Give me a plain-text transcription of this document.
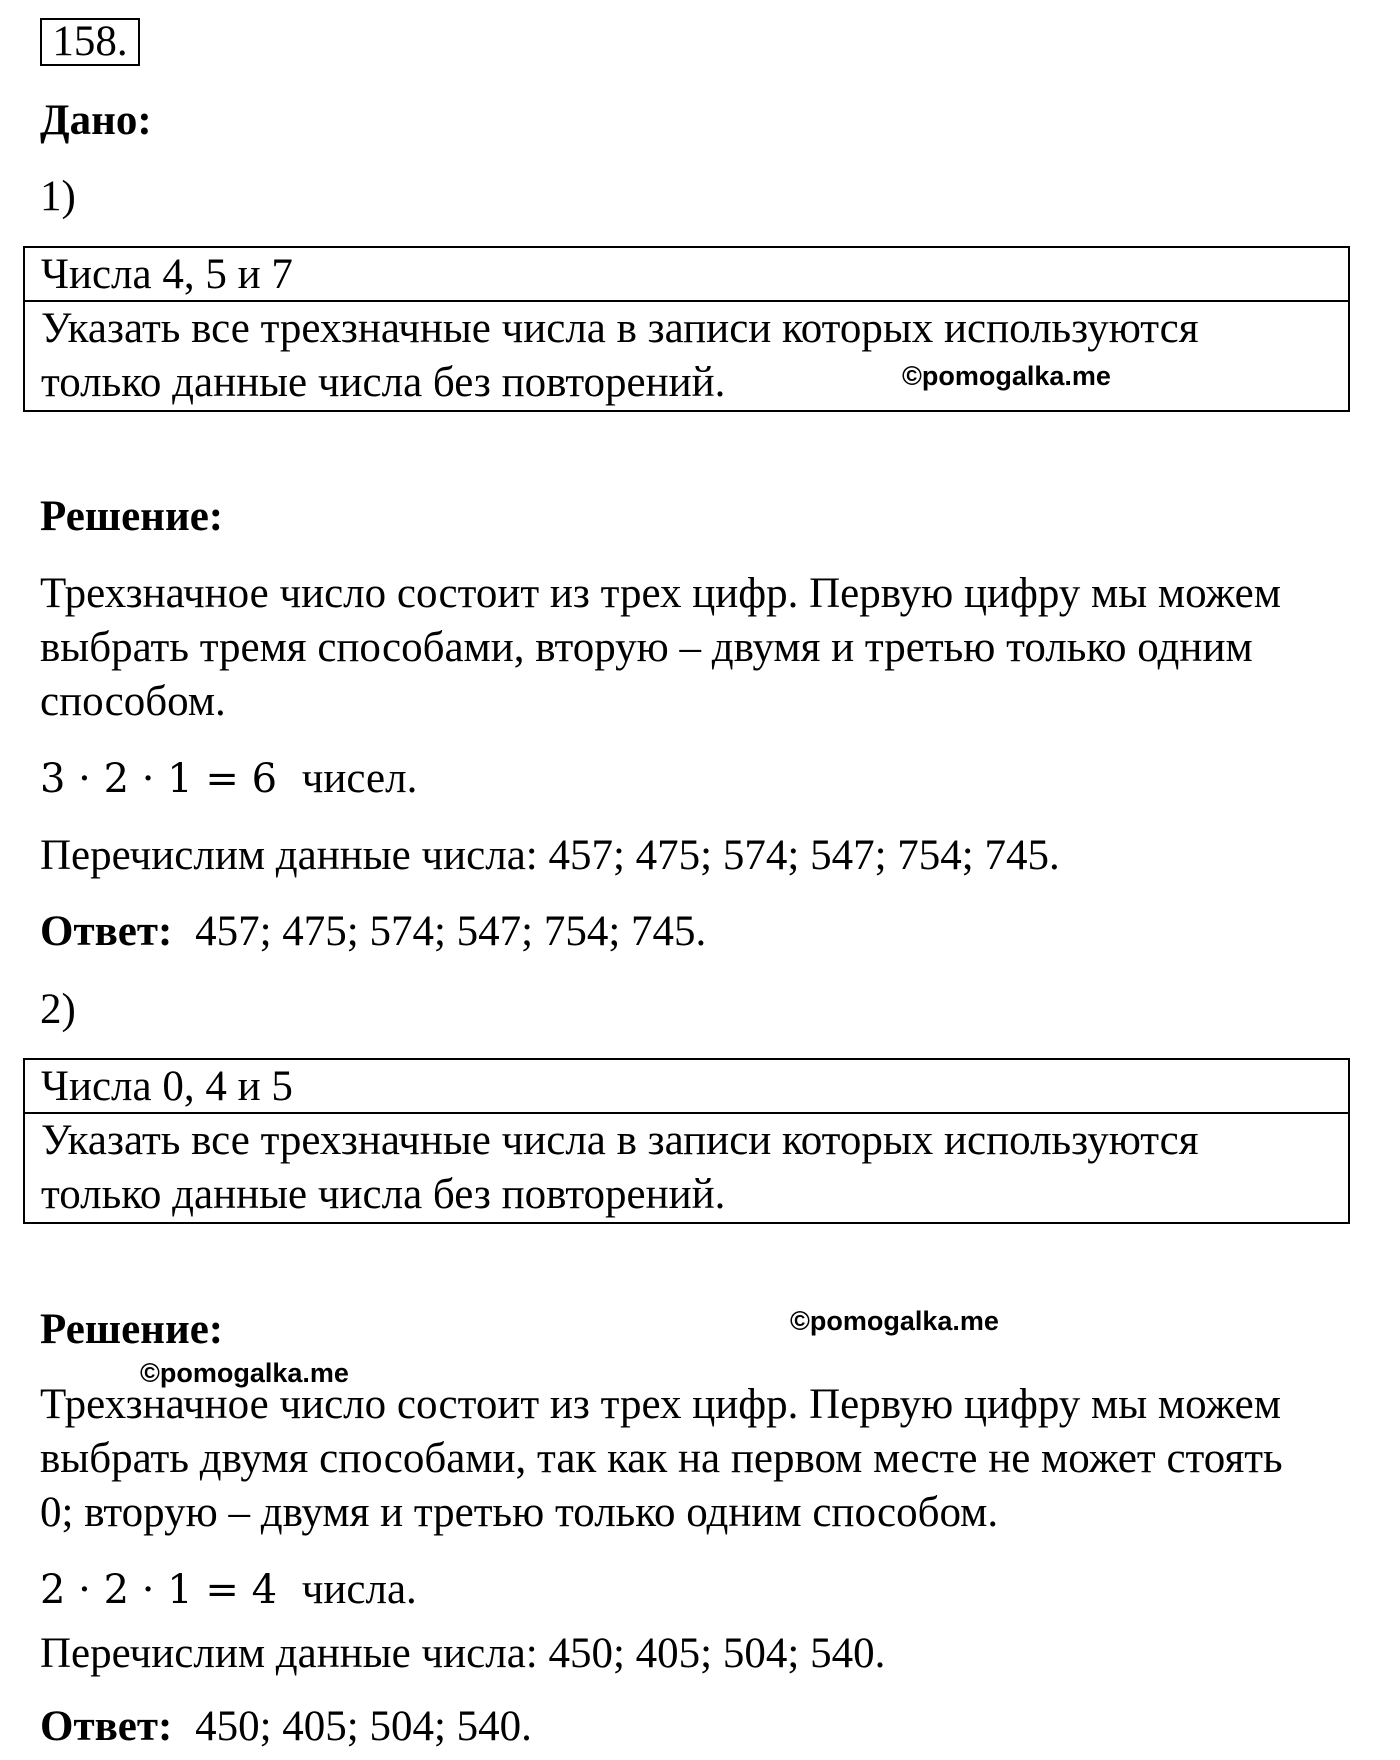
158.
Дано:
1)
Числа 4, 5 и 7
Указать все трехзначные числа в записи которых используются
только данные числа без повторений.	©pomogalka.me
Решение:
Трехзначное число состоит из трех цифр. Первую цифру мы можем
выбрать тремя способами, вторую – двумя и третью только одним
способом.
3 · 2 · 1 = 6 чисел.
Перечислим данные числа: 457; 475; 574; 547; 754; 745.
Ответ: 457; 475; 574; 547; 754; 745.
2)
Числа 0, 4 и 5
Указать все трехзначные числа в записи которых используются
только данные числа без повторений.
Решение:	©pomogalka.me
©pomogalka.me
Трехзначное число состоит из трех цифр. Первую цифру мы можем
выбрать двумя способами, так как на первом месте не может стоять
0; вторую – двумя и третью только одним способом.
2 · 2 · 1 = 4 числа.
Перечислим данные числа: 450; 405; 504; 540.
Ответ: 450; 405; 504; 540.
